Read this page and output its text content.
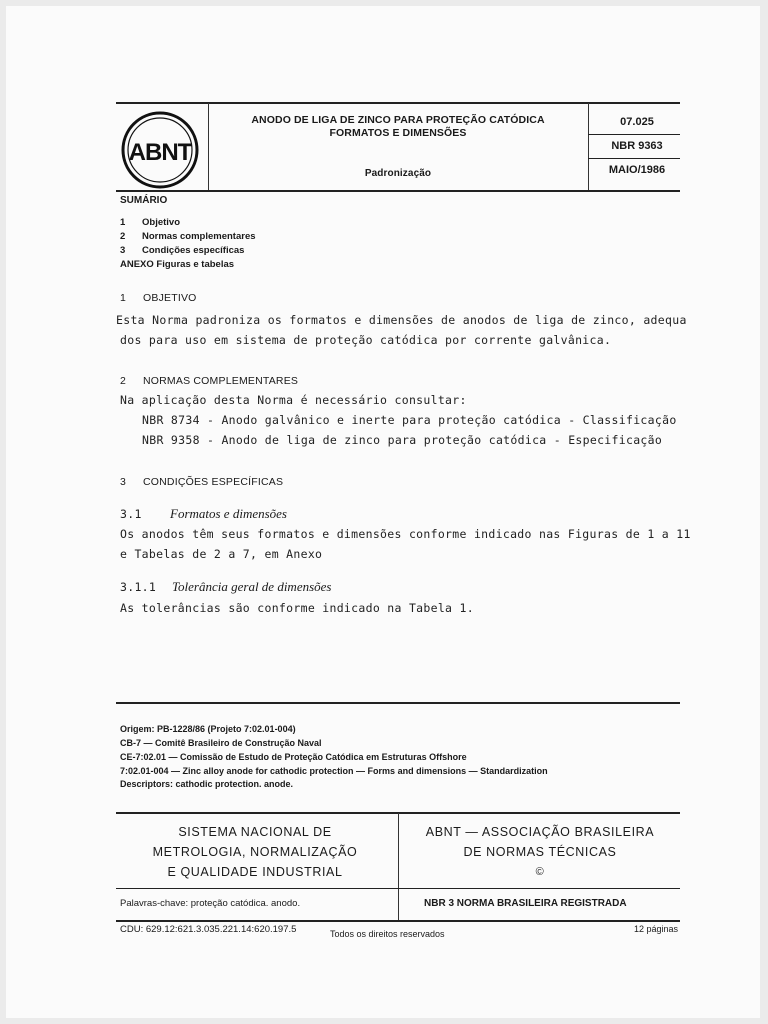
ABNT
ANODO DE LIGA DE ZINCO PARA PROTEÇÃO CATÓDICA
FORMATOS E DIMENSÕES
Padronização
07.025
NBR 9363
MAIO/1986
SUMÁRIO
1 Objetivo
2 Normas complementares
3 Condições específicas
ANEXO Figuras e tabelas
1 OBJETIVO
Esta Norma padroniza os formatos e dimensões de anodos de liga de zinco, adequa
dos para uso em sistema de proteção catódica por corrente galvânica.
2 NORMAS COMPLEMENTARES
Na aplicação desta Norma é necessário consultar:
NBR 8734 - Anodo galvânico e inerte para proteção catódica - Classificação
NBR 9358 - Anodo de liga de zinco para proteção catódica - Especificação
3 CONDIÇÕES ESPECÍFICAS
3.1 Formatos e dimensões
Os anodos têm seus formatos e dimensões conforme indicado nas Figuras de 1 a 11
e Tabelas de 2 a 7, em Anexo
3.1.1 Tolerância geral de dimensões
As tolerâncias são conforme indicado na Tabela 1.
Origem: PB-1228/86 (Projeto 7:02.01-004)
CB-7 — Comitê Brasileiro de Construção Naval
CE-7:02.01 — Comissão de Estudo de Proteção Catódica em Estruturas Offshore
7:02.01-004 — Zinc alloy anode for cathodic protection — Forms and dimensions — Standardization
Descriptors: cathodic protection. anode.
SISTEMA NACIONAL DE
METROLOGIA, NORMALIZAÇÃO
E QUALIDADE INDUSTRIAL
ABNT — ASSOCIAÇÃO BRASILEIRA
DE NORMAS TÉCNICAS
©
Palavras-chave: proteção catódica. anodo.	NBR 3 NORMA BRASILEIRA REGISTRADA
CDU: 629.12:621.3.035.221.14:620.197.5	Todos os direitos reservados	12 páginas
